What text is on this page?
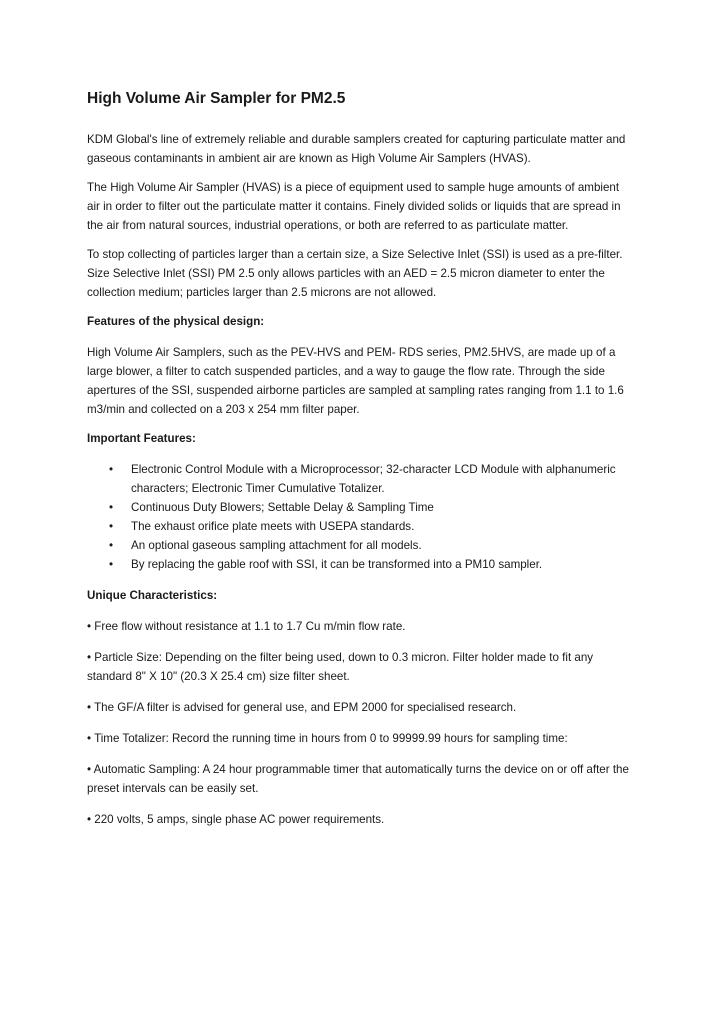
High Volume Air Sampler for PM2.5

KDM Global's line of extremely reliable and durable samplers created for capturing particulate matter and gaseous contaminants in ambient air are known as High Volume Air Samplers (HVAS).

The High Volume Air Sampler (HVAS) is a piece of equipment used to sample huge amounts of ambient air in order to filter out the particulate matter it contains. Finely divided solids or liquids that are spread in the air from natural sources, industrial operations, or both are referred to as particulate matter.

To stop collecting of particles larger than a certain size, a Size Selective Inlet (SSI) is used as a pre-filter. Size Selective Inlet (SSI) PM 2.5 only allows particles with an AED = 2.5 micron diameter to enter the collection medium; particles larger than 2.5 microns are not allowed.

Features of the physical design:

High Volume Air Samplers, such as the PEV-HVS and PEM- RDS series, PM2.5HVS, are made up of a large blower, a filter to catch suspended particles, and a way to gauge the flow rate. Through the side apertures of the SSI, suspended airborne particles are sampled at sampling rates ranging from 1.1 to 1.6 m3/min and collected on a 203 x 254 mm filter paper.

Important Features:
• Electronic Control Module with a Microprocessor; 32-character LCD Module with alphanumeric characters; Electronic Timer Cumulative Totalizer.
• Continuous Duty Blowers; Settable Delay & Sampling Time
• The exhaust orifice plate meets with USEPA standards.
• An optional gaseous sampling attachment for all models.
• By replacing the gable roof with SSI, it can be transformed into a PM10 sampler.
Unique Characteristics:

• Free flow without resistance at 1.1 to 1.7 Cu m/min flow rate.

• Particle Size: Depending on the filter being used, down to 0.3 micron. Filter holder made to fit any standard 8" X 10" (20.3 X 25.4 cm) size filter sheet.

• The GF/A filter is advised for general use, and EPM 2000 for specialised research.

• Time Totalizer: Record the running time in hours from 0 to 99999.99 hours for sampling time:

• Automatic Sampling: A 24 hour programmable timer that automatically turns the device on or off after the preset intervals can be easily set.

• 220 volts, 5 amps, single phase AC power requirements.
